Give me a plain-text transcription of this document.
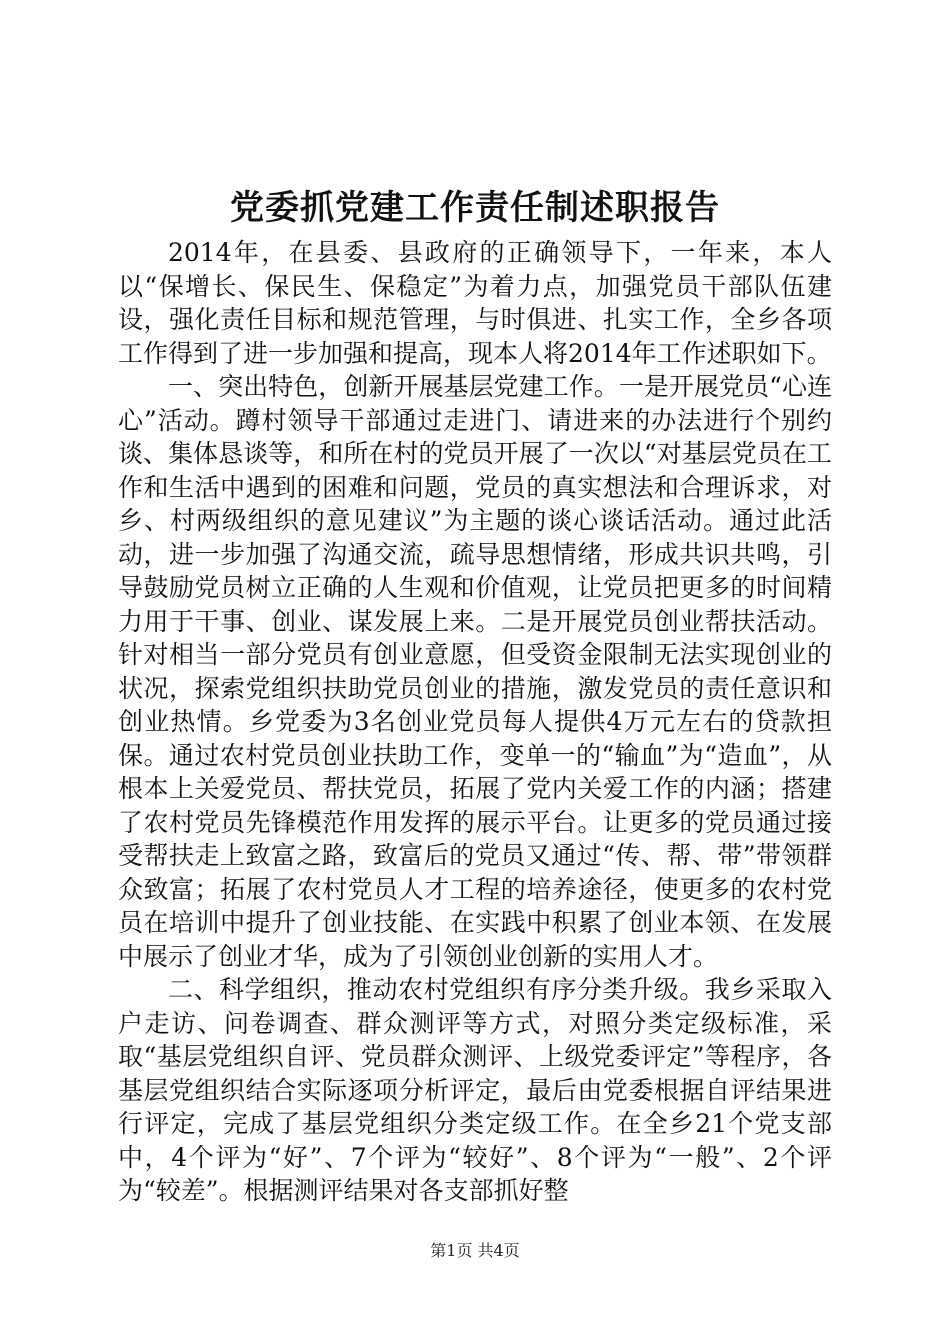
党委抓党建工作责任制述职报告

2014年，在县委、县政府的正确领导下，一年来，本人以“保增长、保民生、保稳定”为着力点，加强党员干部队伍建设，强化责任目标和规范管理，与时俱进、扎实工作，全乡各项工作得到了进一步加强和提高，现本人将2014年工作述职如下。

一、突出特色，创新开展基层党建工作。一是开展党员“心连心”活动。蹲村领导干部通过走进门、请进来的办法进行个别约谈、集体恳谈等，和所在村的党员开展了一次以“对基层党员在工作和生活中遇到的困难和问题，党员的真实想法和合理诉求，对乡、村两级组织的意见建议”为主题的谈心谈话活动。通过此活动，进一步加强了沟通交流，疏导思想情绪，形成共识共鸣，引导鼓励党员树立正确的人生观和价值观，让党员把更多的时间精力用于干事、创业、谋发展上来。二是开展党员创业帮扶活动。针对相当一部分党员有创业意愿，但受资金限制无法实现创业的状况，探索党组织扶助党员创业的措施，激发党员的责任意识和创业热情。乡党委为3名创业党员每人提供4万元左右的贷款担保。通过农村党员创业扶助工作，变单一的“输血”为“造血”，从根本上关爱党员、帮扶党员，拓展了党内关爱工作的内涵；搭建了农村党员先锋模范作用发挥的展示平台。让更多的党员通过接受帮扶走上致富之路，致富后的党员又通过“传、帮、带”带领群众致富；拓展了农村党员人才工程的培养途径，使更多的农村党员在培训中提升了创业技能、在实践中积累了创业本领、在发展中展示了创业才华，成为了引领创业创新的实用人才。

二、科学组织，推动农村党组织有序分类升级。我乡采取入户走访、问卷调查、群众测评等方式，对照分类定级标准，采取“基层党组织自评、党员群众测评、上级党委评定”等程序，各基层党组织结合实际逐项分析评定，最后由党委根据自评结果进行评定，完成了基层党组织分类定级工作。在全乡21个党支部中，4个评为“好”、7个评为“较好”、8个评为“一般”、2个评为“较差”。根据测评结果对各支部抓好整

第1页 共4页
